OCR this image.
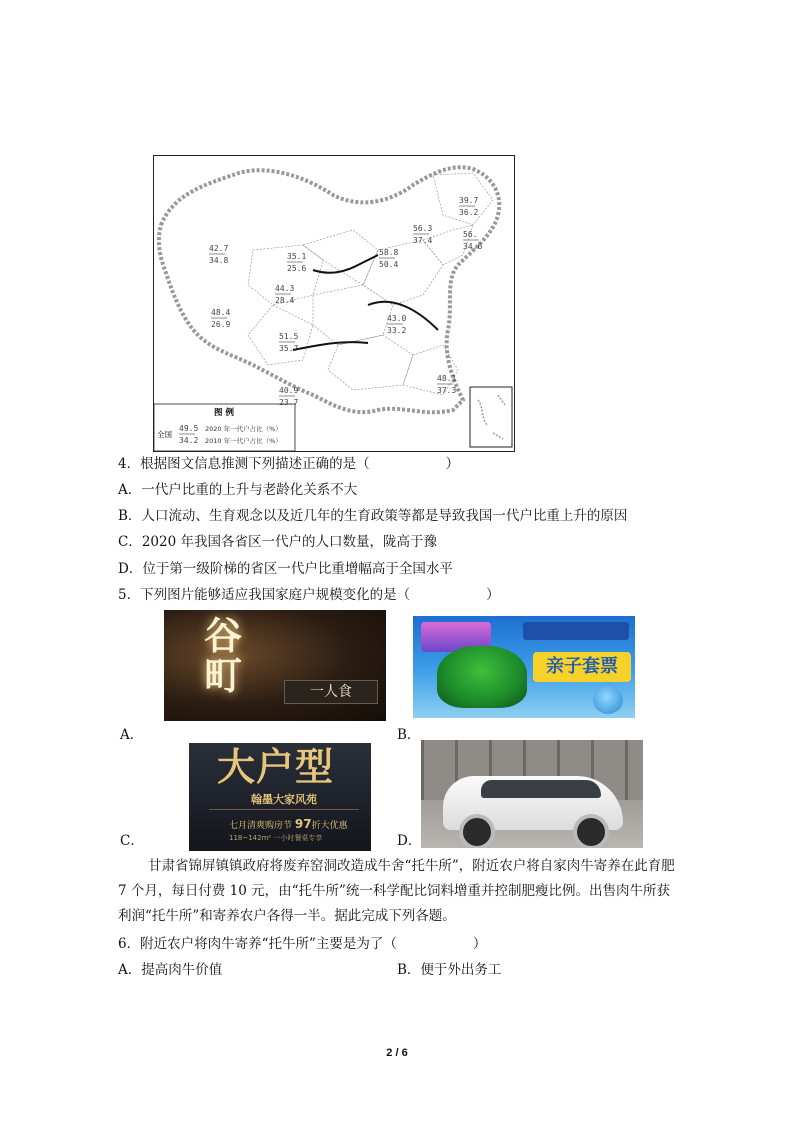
图 例
全国
49.5
34.2
2020 年一代户占比（%）
2010 年一代户占比（%）
39.7
36.2
56.3
37.4
56.
34.6
42.7
34.8	35.1
25.6
58.8
50.4
44.3
28.4
48.4
26.9
43.0
33.2
51.5
35.7
48.1
37.3
40.9
23.7
4．根据图文信息推测下列描述正确的是（	）
A．一代户比重的上升与老龄化关系不大
B．人口流动、生育观念以及近几年的生育政策等都是导致我国一代户比重上升的原因
C．2020 年我国各省区一代户的人口数量，陇高于豫
D．位于第一级阶梯的省区一代户比重增幅高于全国水平
5．下列图片能够适应我国家庭户规模变化的是（	）
谷
町	一人食
A．
亲子套票
B．
大户型
翰墨大家风苑
七月清爽购房节 97折大优惠
118~142m² 一小时餐桌专享
C．	D．
甘肃省锦屏镇镇政府将废弃窑洞改造成牛舍“托牛所”，附近农户将自家肉牛寄养在此育肥 7 个月，每日付费 10 元，由“托牛所”统一科学配比饲料增重并控制肥瘦比例。出售肉牛所获利润“托牛所”和寄养农户各得一半。据此完成下列各题。
6．附近农户将肉牛寄养“托牛所”主要是为了（	）
A．提高肉牛价值	B．便于外出务工
2 / 6
